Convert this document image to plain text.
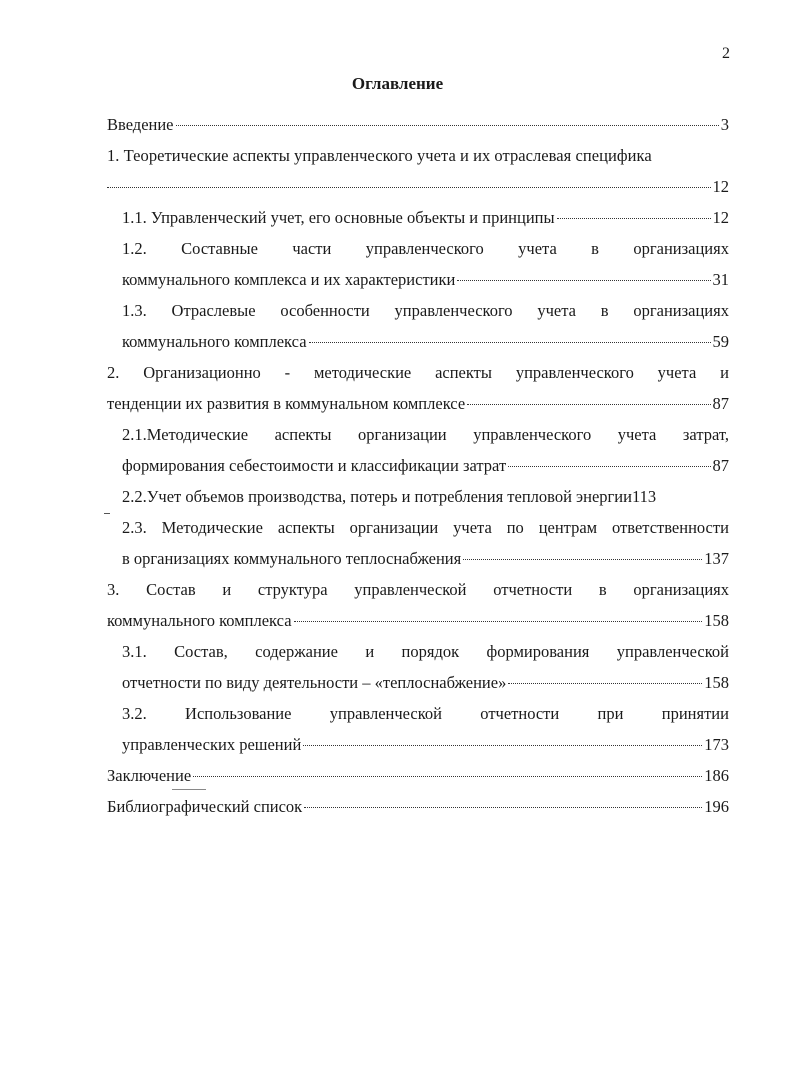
2
Оглавление
Введение	3
1. Теоретические аспекты управленческого учета и их отраслевая специфика
12
1.1. Управленческий учет, его основные объекты и принципы	12
1.2. Составные части управленческого учета в организациях
коммунального комплекса и их характеристики	31
1.3. Отраслевые особенности управленческого учета в организациях
коммунального комплекса	59
2. Организационно - методические аспекты управленческого учета и
тенденции их развития в коммунальном комплексе	87
2.1.Методические аспекты организации управленческого учета затрат,
формирования себестоимости и классификации затрат	87
2.2.Учет объемов производства, потерь и потребления тепловой энергии 113
2.3. Методические аспекты организации учета по центрам ответственности
в организациях коммунального теплоснабжения	137
3. Состав и структура управленческой отчетности в организациях
коммунального комплекса	158
3.1. Состав, содержание и порядок формирования управленческой
отчетности по виду деятельности – «теплоснабжение»	158
3.2. Использование управленческой отчетности при принятии
управленческих решений	173
Заключение	186
Библиографический список	196
